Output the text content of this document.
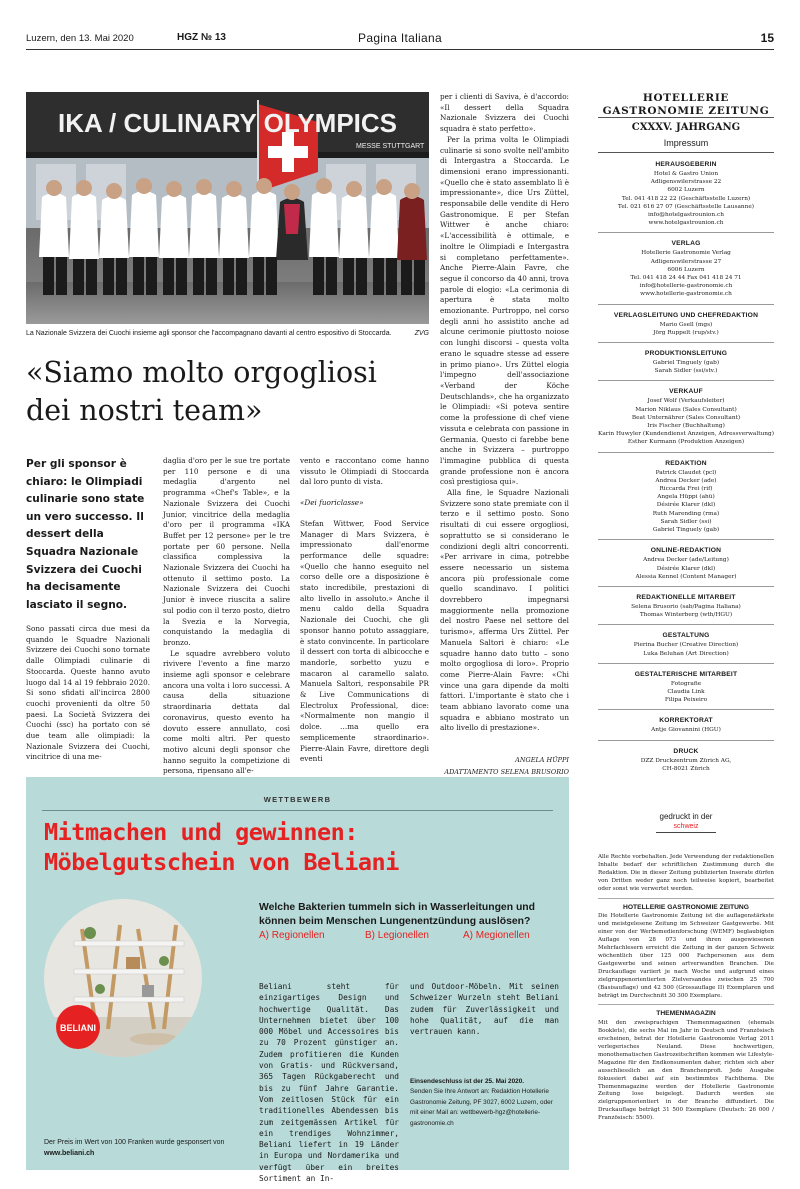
Luzern, den 13. Mai 2020	HGZ № 13	Pagina Italiana	15
IKA / CULINARY OLYMPICS
MESSE STUTTGART
La Nazionale Svizzera dei Cuochi insieme agli sponsor che l'accompagnano davanti al centro espositivo di Stoccarda.	ZVG
«Siamo molto orgogliosi
dei nostri team»
Per gli sponsor è chiaro: le Olimpiadi culinarie sono state un vero successo. Il dessert della Squadra Nazionale Svizzera dei Cuochi ha decisamente lasciato il segno.

Sono passati circa due mesi da quando le Squadre Nazionali Svizzere dei Cuochi sono tornate dalle Olimpiadi culinarie di Stoccarda. Queste hanno avuto luogo dal 14 al 19 febbraio 2020. Si sono sfidati all'incirca 2800 cuochi provenienti da oltre 50 paesi. La Società Svizzera dei Cuochi (ssc) ha portato con sé due team alle olimpiadi: la Nazionale Svizzera dei Cuochi, vincitrice di una me-

daglia d'oro per le sue tre portate per 110 persone e di una medaglia d'argento nel programma «Chef's Table», e la Nazionale Svizzera dei Cuochi Junior, vincitrice della medaglia d'oro per il programma «IKA Buffet per 12 persone» per le tre portate per 60 persone. Nella classifica complessiva la Nazionale Svizzera dei Cuochi ha ottenuto il settimo posto. La Nazionale Svizzera dei Cuochi Junior è invece riuscita a salire sul podio con il terzo posto, dietro la Svezia e la Norvegia, conquistando la medaglia di bronzo.

Le squadre avrebbero voluto rivivere l'evento a fine marzo insieme agli sponsor e celebrare ancora una volta i loro successi. A causa della situazione straordinaria dettata dal coronavirus, questo evento ha dovuto essere annullato, così come molti altri. Per questo motivo alcuni degli sponsor che hanno seguito la competizione di persona, ripensano all'e-

vento e raccontano come hanno vissuto le Olimpiadi di Stoccarda dal loro punto di vista.

«Dei fuoriclasse»

Stefan Wittwer, Food Service Manager di Mars Svizzera, è impressionato dall'enorme performance delle squadre: «Quello che hanno eseguito nel corso delle ore a disposizione è stato incredibile, prestazioni di alto livello in assoluto.» Anche il menu caldo della Squadra Nazionale dei Cuochi, che gli sponsor hanno potuto assaggiare, è stato convincente. In particolare il dessert con torta di albicocche e mandorle, sorbetto yuzu e macaron al caramello salato. Manuela Saltori, responsabile PR & Live Communications di Electrolux Professional, dice: «Normalmente non mangio il dolce. …ma quello era semplicemente straordinario». Pierre-Alain Favre, direttore degli eventi

per i clienti di Saviva, è d'accordo: «Il dessert della Squadra Nazionale Svizzera dei Cuochi squadra è stato perfetto».

Per la prima volta le Olimpiadi culinarie si sono svolte nell'ambito di Intergastra a Stoccarda. Le dimensioni erano impressionanti. «Quello che è stato assemblato lì è impressionante», dice Urs Züttel, responsabile delle vendite di Hero Gastronomique. E per Stefan Wittwer è anche chiaro: «L'accessibilità è ottimale, e inoltre le Olimpiadi e Intergastra si completano perfettamente». Anche Pierre-Alain Favre, che segue il concorso da 40 anni, trova parole di elogio: «La cerimonia di apertura è stata molto emozionante. Purtroppo, nel corso degli anni ho assistito anche ad alcune cerimonie piuttosto noiose con lunghi discorsi – questa volta erano le squadre stesse ad essere in primo piano». Urs Züttel elogia l'impegno dell'associazione «Verband der Köche Deutschlands», che ha organizzato le Olimpiadi: «Si poteva sentire come la professione di chef viene vissuta e celebrata con passione in Germania. Questo ci farebbe bene anche in Svizzera – purtroppo l'immagine pubblica di questa grande professione non è ancora così prestigiosa qui».

Alla fine, le Squadre Nazionali Svizzere sono state premiate con il terzo e il settimo posto. Sono risultati di cui essere orgogliosi, soprattutto se si considerano le condizioni degli altri concorrenti. «Per arrivare in cima, potrebbe essere necessario un sistema ancora più professionale come quello scandinavo. I politici dovrebbero impegnarsi maggiormente nella promozione del nostro Paese nel settore del turismo», afferma Urs Züttel. Per Manuela Saltori è chiaro: «Le squadre hanno dato tutto – sono molto orgogliosa di loro». Proprio come Pierre-Alain Favre: «Chi vince una gara dipende da molti fattori. L'importante è stato che i team abbiano lavorato come una squadra e abbiano mostrato un alto livello di prestazione».

ANGELA HÜPPI
ADATTAMENTO SELENA BRUSORIO
WETTBEWERB
Mitmachen und gewinnen:
Möbelgutschein von Beliani
BELIANI
Der Preis im Wert von 100 Franken wurde gesponsert von
www.beliani.ch
Welche Bakterien tummeln sich in Wasserleitungen und können beim Menschen Lungenentzündung auslösen?
A) Regionellen	B) Legionellen	A) Megionellen
Beliani steht für einzigartiges Design und hochwertige Qualität. Das Unternehmen bietet über 100 000 Möbel und Accessoires bis zu 70 Prozent günstiger an. Zudem profitieren die Kunden von Gratis- und Rückversand, 365 Tagen Rückgaberecht und bis zu fünf Jahre Garantie. Vom zeitlosen Stück für ein traditionelles Abendessen bis zum zeitgemässen Artikel für ein trendiges Wohnzimmer, Beliani liefert in 19 Länder in Europa und Nordamerika und verfügt über ein breites Sortiment an In-
und Outdoor-Möbeln. Mit seinen Schweizer Wurzeln steht Beliani zudem für Zuverlässigkeit und hohe Qualität, auf die man vertrauen kann.
Einsendeschluss ist der 25. Mai 2020.
Senden Sie Ihre Antwort an: Redaktion Hotellerie Gastronomie Zeitung, PF 3027, 6002 Luzern, oder mit einer Mail an: wettbewerb-hgz@hotellerie-gastronomie.ch
HOTELLERIE
GASTRONOMIE ZEITUNG
CXXXV. JAHRGANG
Impressum
HERAUSGEBERIN
Hotel & Gastro Union
Adligenswilerstrasse 22
6002 Luzern
Tel. 041 418 22 22 (Geschäftsstelle Luzern)
Tel. 021 616 27 07 (Geschäftsstelle Lausanne)
info@hotelgastrounion.ch
www.hotelgastrounion.ch
VERLAG
Hotellerie Gastronomie Verlag
Adligenswilerstrasse 27
6006 Luzern
Tel. 041 418 24 44 Fax 041 418 24 71
info@hotellerie-gastronomie.ch
www.hotellerie-gastronomie.ch
VERLAGSLEITUNG UND CHEFREDAKTION
Mario Gsell (mgs)
Jörg Ruppelt (rup/stv.)
PRODUKTIONSLEITUNG
Gabriel Tinguely (gab)
Sarah Sidler (ssi/stv.)
VERKAUF
Josef Wolf (Verkaufsleiter)
Marion Niklaus (Sales Consultant)
Beat Unternährer (Sales Consultant)
Iris Fischer (Buchhaltung)
Karin Huwyler (Kundendienst Anzeigen, Adressverwaltung)
Esther Kurmann (Produktion Anzeigen)
REDAKTION
Patrick Claudet (pcl)
Andrea Decker (ade)
Riccarda Frei (rif)
Angela Hüppi (ahü)
Désirée Klarer (dkl)
Ruth Marending (rma)
Sarah Sidler (ssi)
Gabriel Tinguely (gab)
ONLINE-REDAKTION
Andrea Decker (ade/Leitung)
Désirée Klarer (dkl)
Alessia Kennel (Content Manager)
REDAKTIONELLE MITARBEIT
Selena Brusorio (sab/Pagina Italiana)
Thomas Winterberg (wth/HGU)
GESTALTUNG
Pierina Bucher (Creative Direction)
Luka Beluhan (Art Direction)
GESTALTERISCHE MITARBEIT
Fotografie
Claudia Link
Filipa Peixeiro
KORREKTORAT
Antje Giovannini (HGU)
DRUCK
DZZ Druckzentrum Zürich AG,
CH-8021 Zürich
gedruckt in der
schweiz

Alle Rechte vorbehalten. Jede Verwendung der redaktionellen Inhalte bedarf der schriftlichen Zustimmung durch die Redaktion. Die in dieser Zeitung publizierten Inserate dürfen von Dritten weder ganz noch teilweise kopiert, bearbeitet oder sonst wie verwertet werden.

HOTELLERIE GASTRONOMIE ZEITUNG

Die Hotellerie Gastronomie Zeitung ist die auflagenstärkste und meistgelesene Zeitung im Schweizer Gastgewerbe. Mit einer von der Werbemedienforschung (WEMF) beglaubigten Auflage von 28 073 und ihren ausgewiesenen Mehrfachlesern erreicht die Zeitung in der ganzen Schweiz wöchentlich über 125 000 Fachpersonen aus dem Gastgewerbe und seinen artverwandten Branchen. Die Druckauflage variiert je nach Woche und aufgrund eines zielgruppenorientierten Zielversandes zwischen 25 700 (Basisauflage) und 42 500 (Grossauflage II) Exemplaren und beträgt im Durchschnitt 30 300 Exemplare.

THEMENMAGAZIN

Mit den zweisprachigen Themenmagazinen (ehemals Booklets), die sechs Mal im Jahr in Deutsch und Französisch erscheinen, betrat der Hotellerie Gastronomie Verlag 2011 verlegerisches Neuland. Diese hochwertigen, monothematischen Gastrozeitschriften kommen wie Lifestyle-Magazine für den Endkonsumenten daher, richten sich aber ausschliesslich an den Branchenprofi. Jede Ausgabe fokussiert dabei auf ein bestimmtes Fachthema. Die Themenmagazine werden der Hotellerie Gastronomie Zeitung lose beigelegt. Dadurch werden sie zielgruppenorientiert in der Branche diffundiert. Die Druckauflage beträgt 31 500 Exemplare (Deutsch: 26 000 / Französisch: 5500).
